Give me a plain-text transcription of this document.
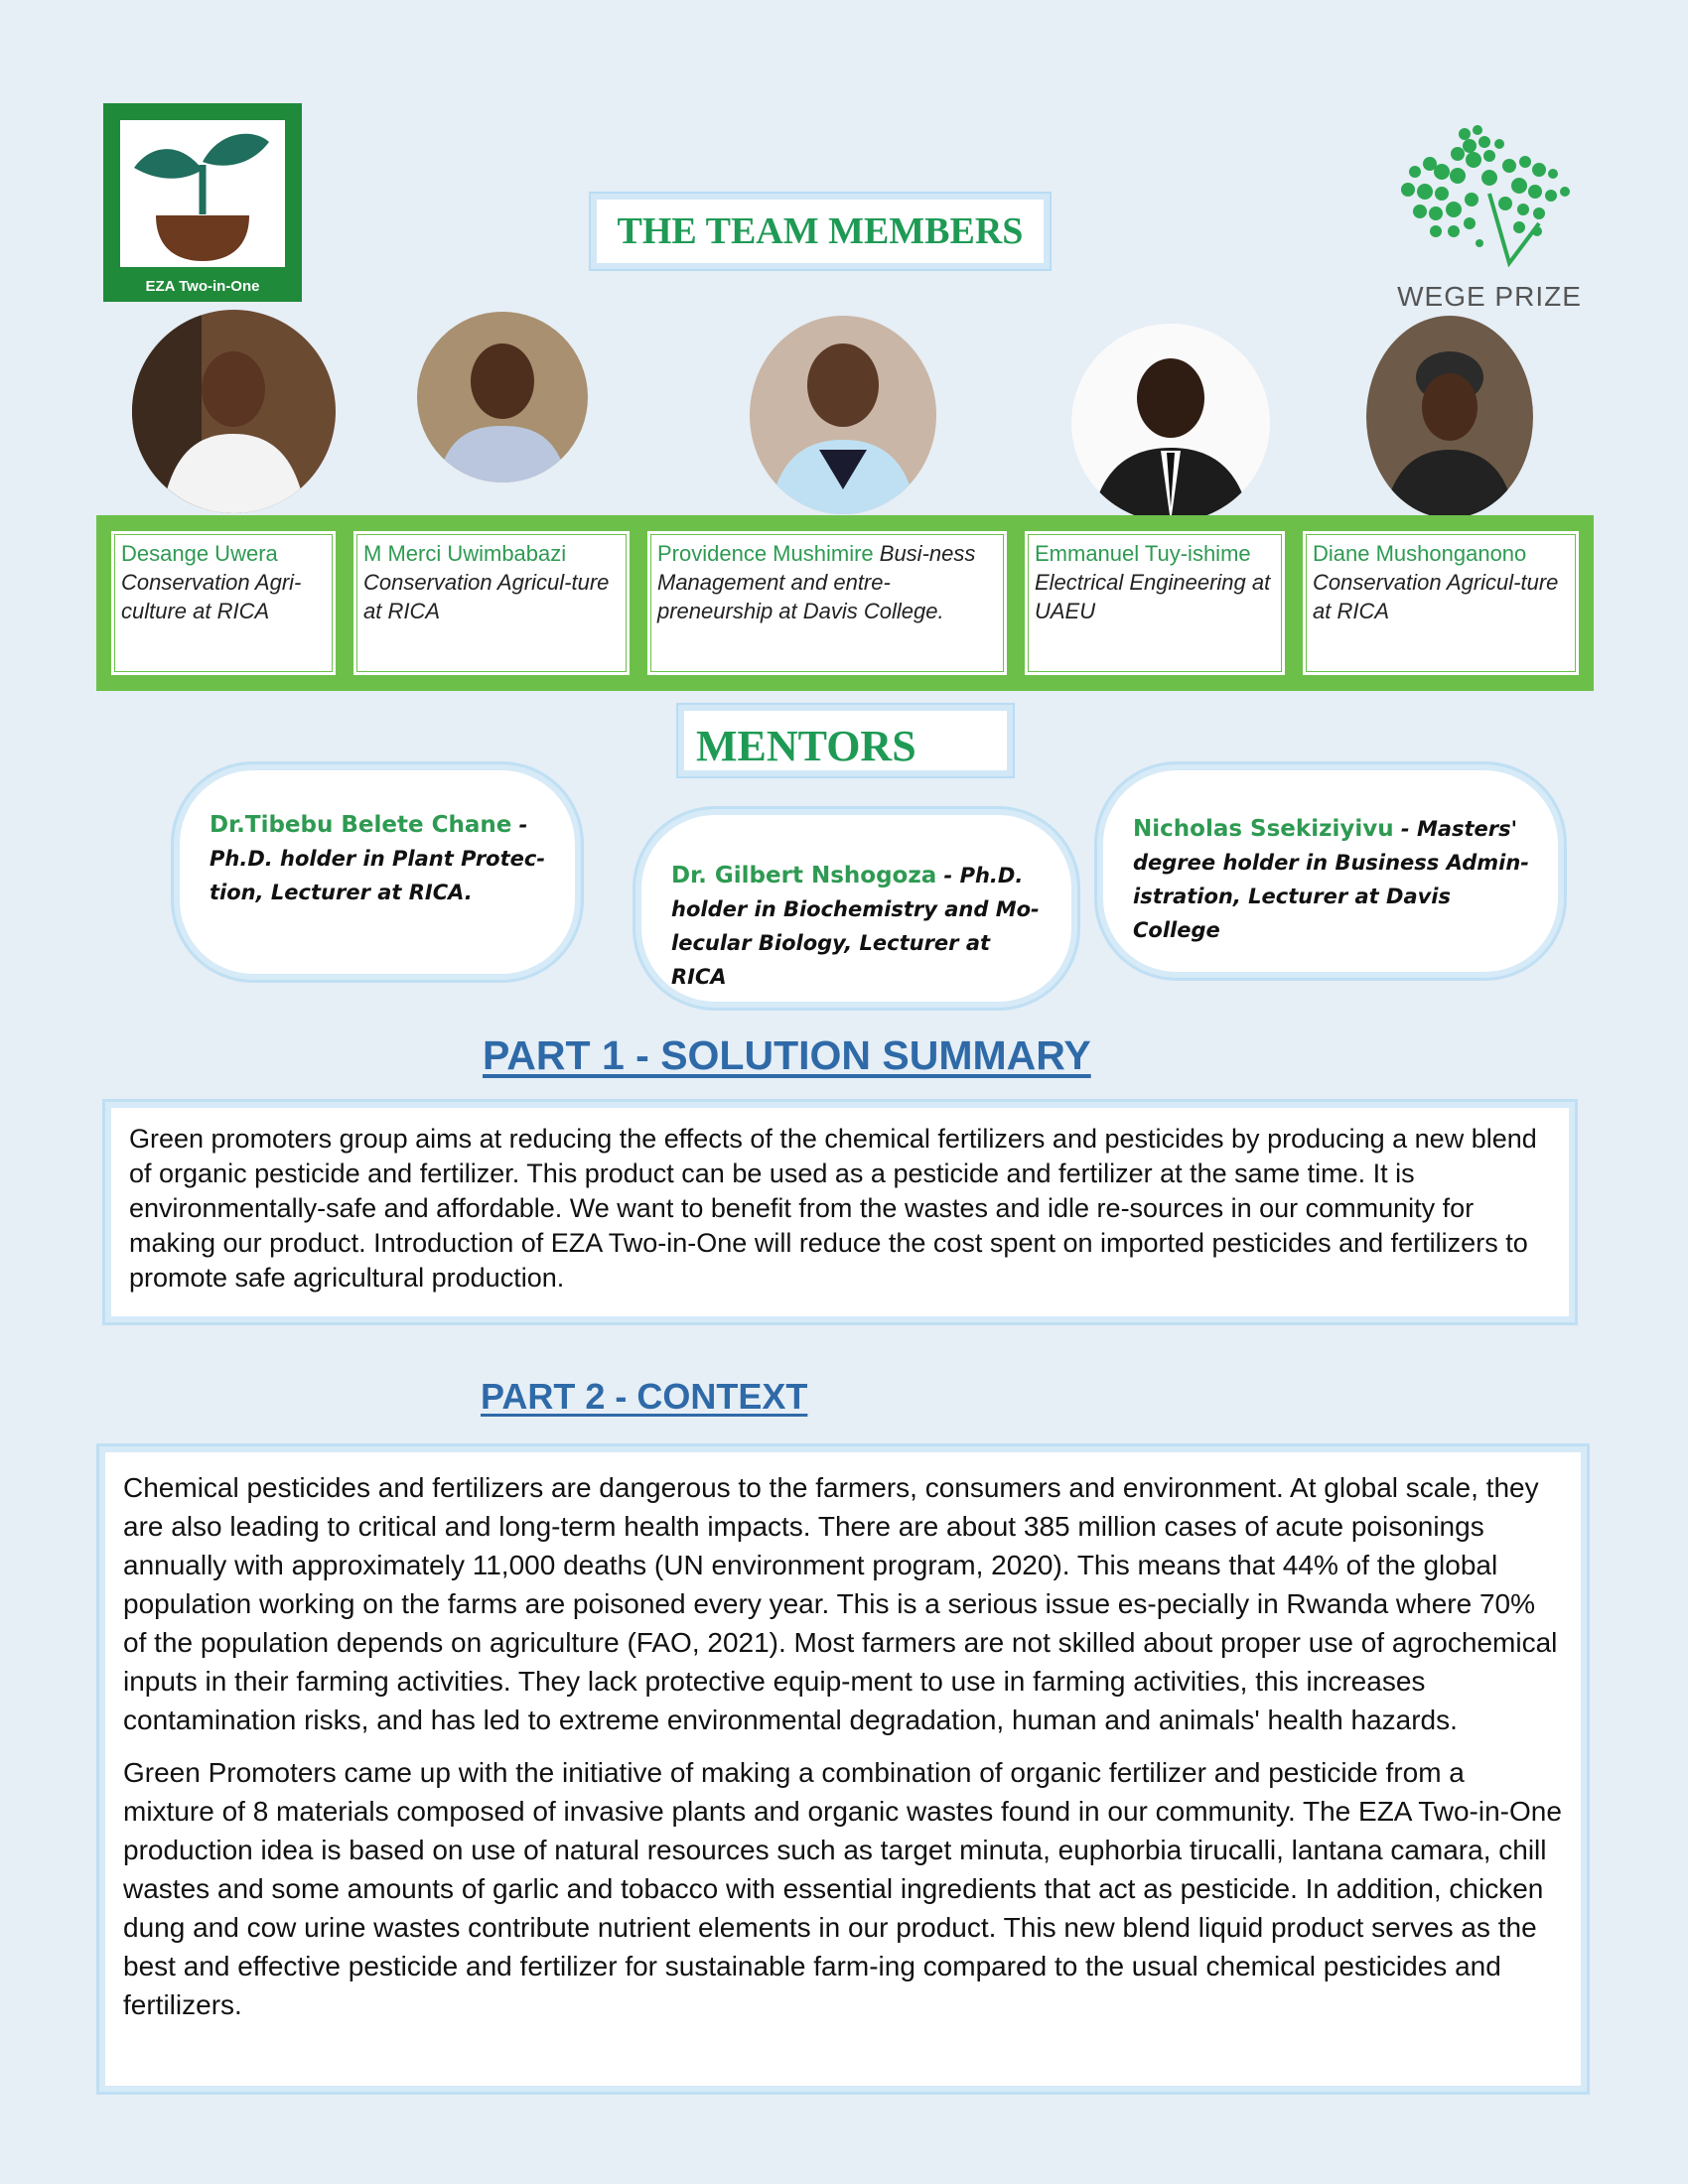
EZA Two-in-One	WEGE PRIZE
THE TEAM MEMBERS
Desange Uwera
Conservation Agri-culture at RICA
M Merci Uwimbabazi
Conservation Agricul-ture at RICA
Providence Mushimire Busi-ness Management and entre-preneurship at Davis College.
Emmanuel Tuy-ishime
Electrical Engineering at UAEU
Diane Mushonganono
Conservation Agricul-ture at RICA
MENTORS
Dr.Tibebu Belete Chane -
Ph.D. holder in Plant Protec-tion, Lecturer at RICA.
Dr. Gilbert Nshogoza - Ph.D. holder in Biochemistry and Mo-lecular Biology, Lecturer at RICA
Nicholas Ssekiziyivu - Masters' degree holder in Business Admin-istration, Lecturer at Davis College
PART 1 - SOLUTION SUMMARY
Green promoters group aims at reducing the effects of the chemical fertilizers and pesticides by producing a new blend of organic pesticide and fertilizer. This product can be used as a pesticide and fertilizer at the same time. It is environmentally-safe and affordable. We want to benefit from the wastes and idle re-sources in our community for making our product. Introduction of EZA Two-in-One will reduce the cost spent on imported pesticides and fertilizers to promote safe agricultural production.
PART 2 - CONTEXT

Chemical pesticides and fertilizers are dangerous to the farmers, consumers and environment. At global scale, they are also leading to critical and long-term health impacts. There are about 385 million cases of acute poisonings annually with approximately 11,000 deaths (UN environment program, 2020). This means that 44% of the global population working on the farms are poisoned every year. This is a serious issue es-pecially in Rwanda where 70% of the population depends on agriculture (FAO, 2021). Most farmers are not skilled about proper use of agrochemical inputs in their farming activities. They lack protective equip-ment to use in farming activities, this increases contamination risks, and has led to extreme environmental degradation, human and animals' health hazards.

Green Promoters came up with the initiative of making a combination of organic fertilizer and pesticide from a mixture of 8 materials composed of invasive plants and organic wastes found in our community. The EZA Two-in-One production idea is based on use of natural resources such as target minuta, euphorbia tirucalli, lantana camara, chill wastes and some amounts of garlic and tobacco with essential ingredients that act as pesticide. In addition, chicken dung and cow urine wastes contribute nutrient elements in our product. This new blend liquid product serves as the best and effective pesticide and fertilizer for sustainable farm-ing compared to the usual chemical pesticides and fertilizers.
